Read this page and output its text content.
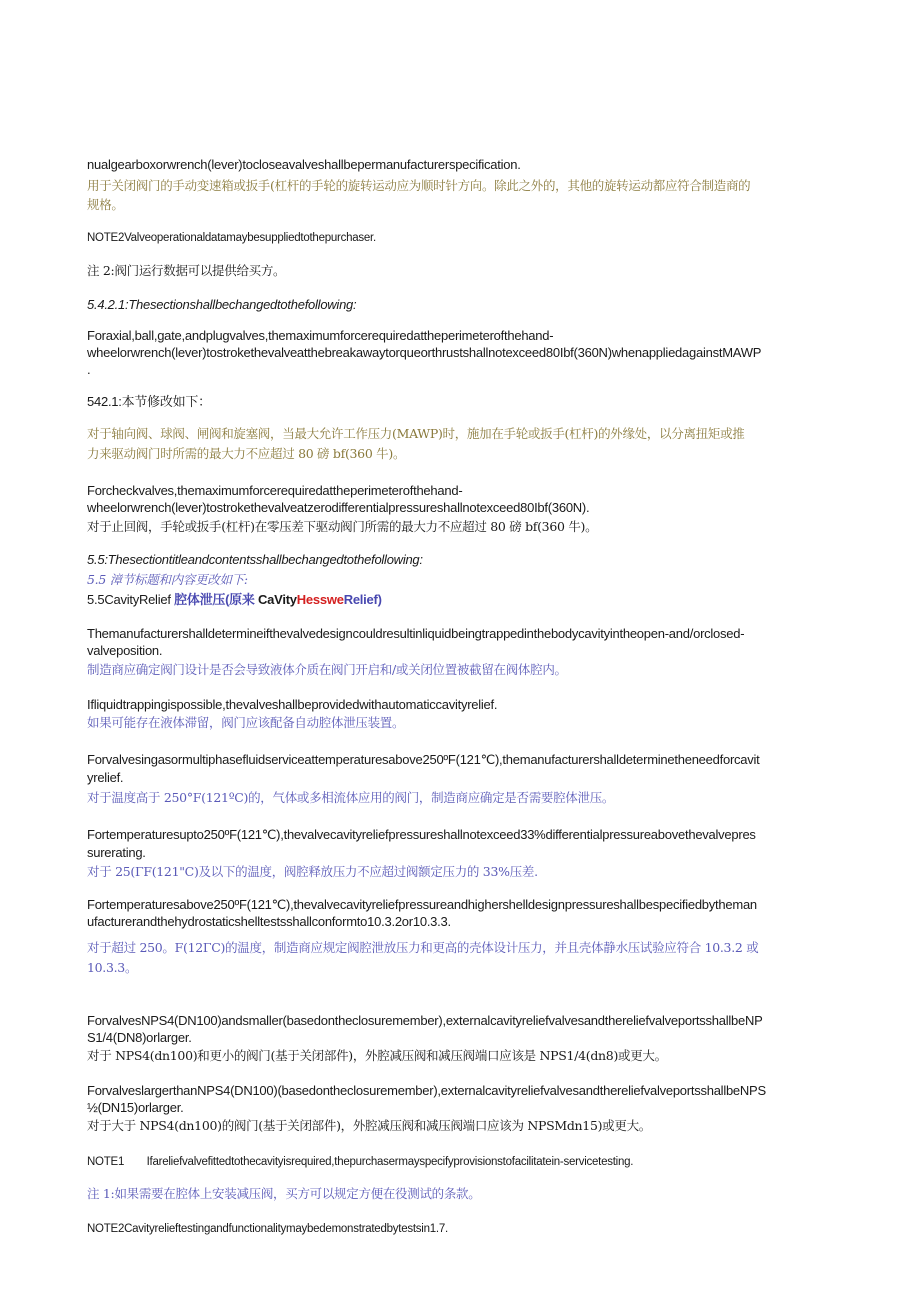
nualgearboxorwrench(lever)tocloseavalveshallbepermanufacturerspecification.

用于关闭阀门的手动变速箱或扳手(杠杆的手轮的旋转运动应为顺时针方向。除此之外的，其他的旋转运动都应符合制造商的

规格。

NOTE2Valveoperationaldatamaybesuppliedtothepurchaser.

注 2:阀门运行数据可以提供给买方。

5.4.2.1:Thesectionshallbechangedtothefollowing:

Foraxial,ball,gate,andplugvalves,themaximumforcerequiredattheperimeterofthehand-

wheelorwrench(lever)tostrokethevalveatthebreakawaytorqueorthrustshallnotexceed80Ibf(360N)whenappliedagainstMAWP

.

542.1:本节修改如下：

对于轴向阀、球阀、闸阀和旋塞阀，当最大允许工作压力(MAWP)时，施加在手轮或扳手(杠杆)的外缘处，以分离扭矩或推

力来驱动阀门时所需的最大力不应超过 80 磅 bf(360 牛)。

Forcheckvalves,themaximumforcerequiredattheperimeterofthehand-

wheelorwrench(lever)tostrokethevalveatzerodifferentialpressureshallnotexceed80Ibf(360N).

对于止回阀，手轮或扳手(杠杆)在零压差下驱动阀门所需的最大力不应超过 80 磅 bf(360 牛)。

5.5:Thesectiontitleandcontentsshallbechangedtothefollowing:

5.5 漳节标题和内容更改如下:

5.5CavityRelief 腔体泄压(原来 CaVityHessweRelief)

Themanufacturershalldetermineifthevalvedesigncouldresultinliquidbeingtrappedinthebodycavityintheopen-and/orclosed-

valveposition.

制造商应确定阀门设计是否会导致液体介质在阀门开启和/或关闭位置被截留在阀体腔内。

Ifliquidtrappingispossible,thevalveshallbeprovidedwithautomaticcavityrelief.

如果可能存在液体滞留，阀门应该配备自动腔体泄压装置。

Forvalvesingasormultiphasefluidserviceattemperaturesabove250ºF(121℃),themanufacturershalldeterminetheneedforcavit

yrelief.

对于温度高于 250°F(121ºC)的，气体或多相流体应用的阀门，制造商应确定是否需要腔体泄压。

Fortemperaturesupto250ºF(121℃),thevalvecavityreliefpressureshallnotexceed33%differentialpressureabovethevalvepres

surerating.

对于 25(ΓF(121"C)及以下的温度，阀腔释放压力不应超过阀额定压力的 33%压差.

Fortemperaturesabove250ºF(121℃),thevalvecavityreliefpressureandhighershelldesignpressureshallbespecifiedbytheman

ufacturerandthehydrostaticshelltestsshallconformto10.3.2or10.3.3.

对于超过 250。F(12ΓC)的温度，制造商应规定阀腔泄放压力和更高的壳体设计压力，并且壳体静水压试验应符合 10.3.2 或

10.3.3。

ForvalvesNPS4(DN100)andsmaller(basedontheclosuremember),externalcavityreliefvalvesandthereliefvalveportsshallbeNP

S1/4(DN8)orlarger.

对于 NPS4(dn100)和更小的阀门(基于关闭部件)，外腔减压阀和减压阀端口应该是 NPS1/4(dn8)或更大。

ForvalveslargerthanNPS4(DN100)(basedontheclosuremember),externalcavityreliefvalvesandthereliefvalveportsshallbeNPS

½(DN15)orlarger.

对于大于 NPS4(dn100)的阀门(基于关闭部件)，外腔减压阀和减压阀端口应该为 NPSMdn15)或更大。

NOTE1　　Ifareliefvalvefittedtothecavityisrequired,thepurchasermayspecifyprovisionstofacilitatein-servicetesting.

注 1:如果需要在腔体上安装减压阀，买方可以规定方便在役测试的条款。

NOTE2Cavityrelieftestingandfunctionalitymaybedemonstratedbytestsin1.7.
